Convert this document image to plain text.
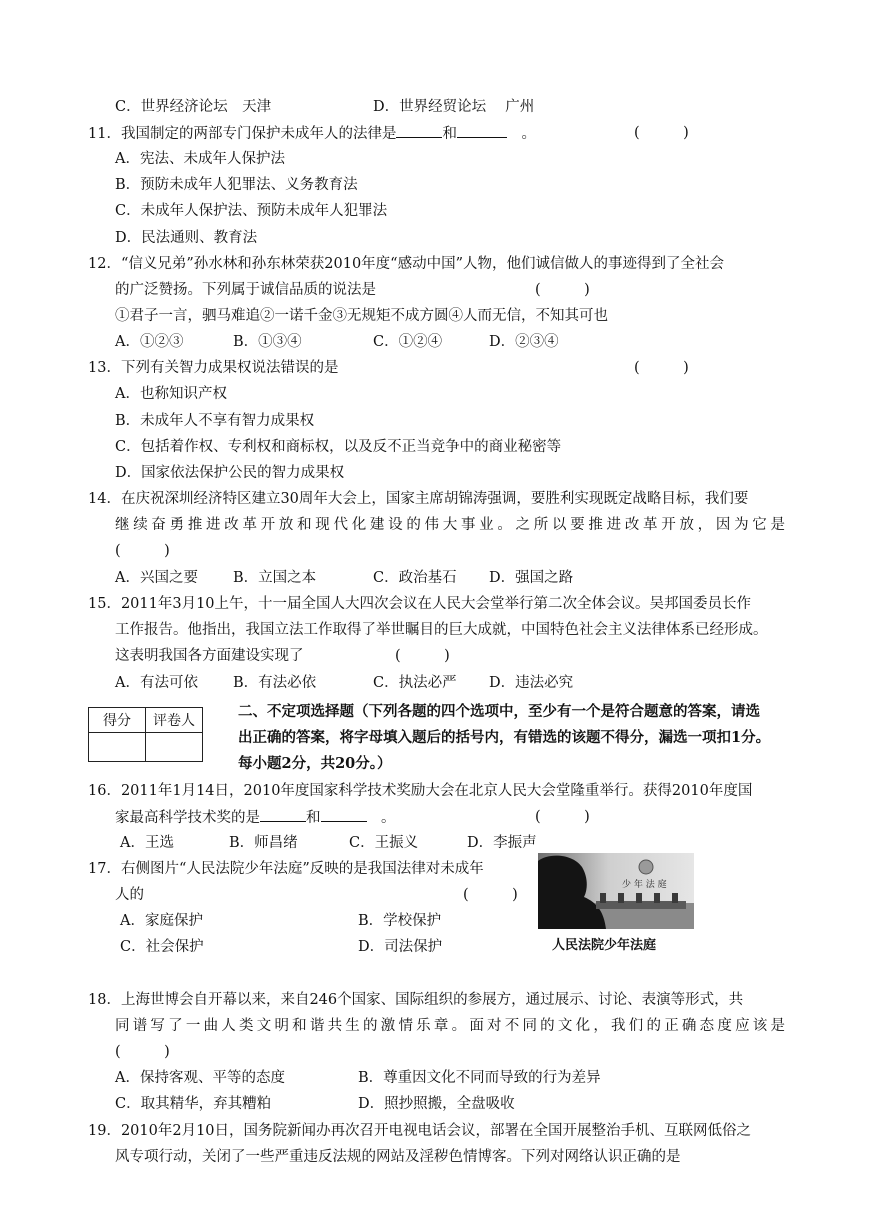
C．世界经济论坛　天津	D．世界经贸论坛　 广州
11．我国制定的两部专门保护未成年人的法律是	和	　。	(　　　)
A．宪法、未成年人保护法
B．预防未成年人犯罪法、义务教育法
C．未成年人保护法、预防未成年人犯罪法
D．民法通则、教育法
12．“信义兄弟”孙水林和孙东林荣获2010年度“感动中国”人物，他们诚信做人的事迹得到了全社会
的广泛赞扬。下列属于诚信品质的说法是	(　　　)
①君子一言，驷马难追②一诺千金③无规矩不成方圆④人而无信，不知其可也
A．①②③	B．①③④	C．①②④	D．②③④
13．下列有关智力成果权说法错误的是	(　　　)
A．也称知识产权
B．未成年人不享有智力成果权
C．包括着作权、专利权和商标权，以及反不正当竞争中的商业秘密等
D．国家依法保护公民的智力成果权
14．在庆祝深圳经济特区建立30周年大会上，国家主席胡锦涛强调，要胜利实现既定战略目标，我们要
继续奋勇推进改革开放和现代化建设的伟大事业。之所以要推进改革开放，因为它是
(　　　)
A．兴国之要 B．立国之本	C．政治基石 D．强国之路
15．2011年3月10上午，十一届全国人大四次会议在人民大会堂举行第二次全体会议。吴邦国委员长作
工作报告。他指出，我国立法工作取得了举世瞩目的巨大成就，中国特色社会主义法律体系已经形成。
这表明我国各方面建设实现了	(　　　)
A．有法可依 B．有法必依	C．执法必严 D．违法必究
得分	评卷人

二、不定项选择题（下列各题的四个选项中，至少有一个是符合题意的答案，请选
出正确的答案，将字母填入题后的括号内，有错选的该题不得分，漏选一项扣1分。
每小题2分，共20分。）
16．2011年1月14日，2010年度国家科学技术奖励大会在北京人民大会堂隆重举行。获得2010年度国
家最高科学技术奖的是	和	　。	(　　　)
A．王选	B．师昌绪	C．王振义	D．李振声
17．右侧图片“人民法院少年法庭”反映的是我国法律对未成年
人的	(　　　)
A．家庭保护	B．学校保护
C．社会保护	D．司法保护
少 年 法 庭
人民法院少年法庭
18．上海世博会自开幕以来，来自246个国家、国际组织的参展方，通过展示、讨论、表演等形式，共
同谱写了一曲人类文明和谐共生的激情乐章。面对不同的文化，我们的正确态度应该是
(　　　)
A．保持客观、平等的态度	B．尊重因文化不同而导致的行为差异
C．取其精华，弃其糟粕	D．照抄照搬，全盘吸收
19．2010年2月10日，国务院新闻办再次召开电视电话会议，部署在全国开展整治手机、互联网低俗之
风专项行动，关闭了一些严重违反法规的网站及淫秽色情博客。下列对网络认识正确的是
